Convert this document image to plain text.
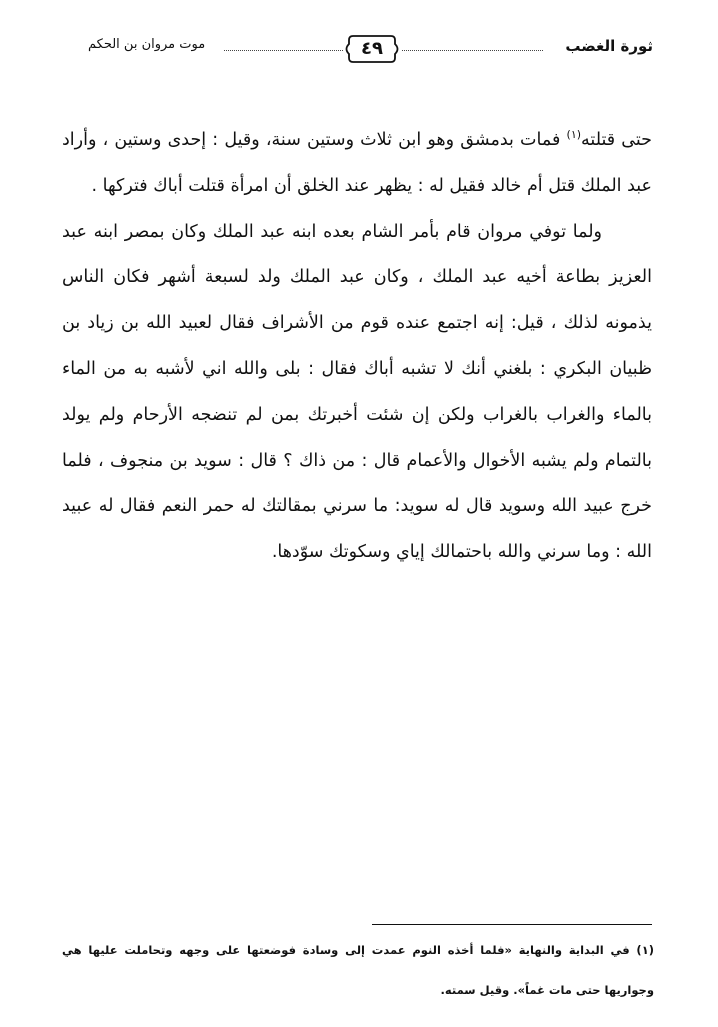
ثورة الغضب
موت مروان بن الحكم	٤٩

حتى قتلته$^{(١)}$ فمات بدمشق وهو ابن ثلاث وستين سنة، وقيل : إحدى وستين ، وأراد عبد الملك قتل أم خالد فقيل له : يظهر عند الخلق أن امرأة قتلت أباك فتركها .

ولما توفي مروان قام بأمر الشام بعده ابنه عبد الملك وكان بمصر ابنه عبد العزيز بطاعة أخيه عبد الملك ، وكان عبد الملك ولد لسبعة أشهر فكان الناس يذمونه لذلك ، قيل: إنه اجتمع عنده قوم من الأشراف فقال لعبيد الله بن زياد بن ظبيان البكري : بلغني أنك لا تشبه أباك فقال : بلى والله اني لأشبه به من الماء بالماء والغراب بالغراب ولكن إن شئت أخبرتك بمن لم تنضجه الأرحام ولم يولد بالتمام ولم يشبه الأخوال والأعمام قال : من ذاك ؟ قال : سويد بن منجوف ، فلما خرج عبيد الله وسويد قال له سويد: ما سرني بمقالتك له حمر النعم فقال له عبيد الله : وما سرني والله باحتمالك إياي وسكوتك سوّدها.

(١) في البداية والنهاية «فلما أخذه النوم عمدت إلى وسادة فوضعتها على وجهه وتحاملت عليها هي وجواريها حتى مات غماً». وقيل سمته.
